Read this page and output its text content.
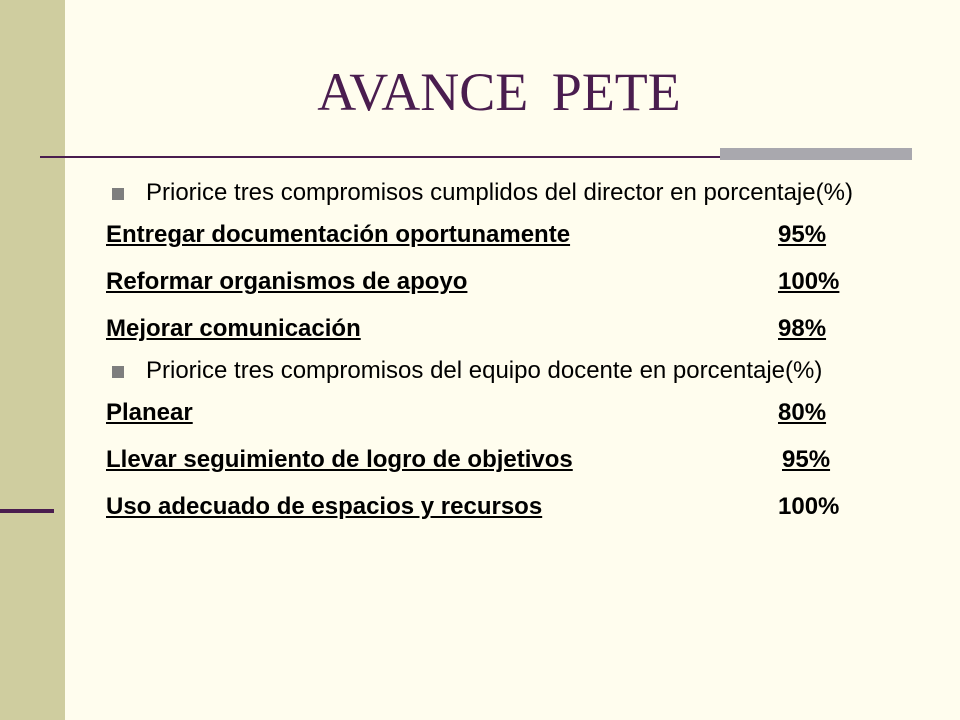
AVANCE PETE
Priorice tres compromisos cumplidos del director en porcentaje(%)
Entregar documentación oportunamente	95%
Reformar organismos de apoyo	100%
Mejorar comunicación	98%
Priorice tres compromisos del equipo docente en porcentaje(%)
Planear	80%
Llevar seguimiento de logro de objetivos	95%
Uso adecuado de espacios y recursos	100%
